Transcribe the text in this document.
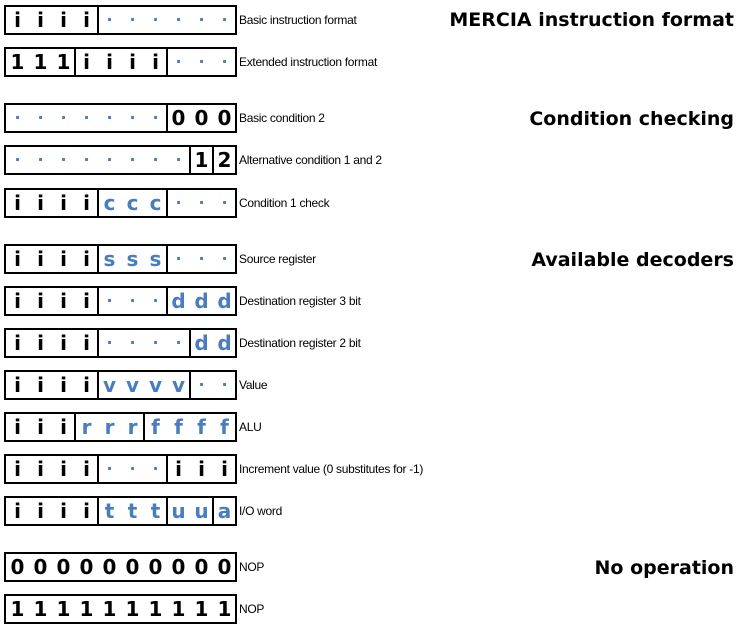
MERCIA instruction format
Condition checking
Available decoders
No operation
i i i i	·	·	·	·	·	· Basic instruction format
1 1 1 i i i i	·	·	· Extended instruction format
·	·	·	·	·	·	· 0 0 0 Basic condition 2
·	·	·	·	·	·	·	· 1 2 Alternative condition 1 and 2
i i i i c c c ·	·	· Condition 1 check
i i i i s s s ·	·	· Source register
i i i i	·	·	· d d d Destination register 3 bit
i i i i	·	·	·	· d d Destination register 2 bit
i i i i v v v v ·	· Value
i i i r r r f f f f ALU
i i i i	·	·	· i i i Increment value (0 substitutes for -1)
i i i i t t t u u a I/O word
0 0 0 0 0 0 0 0 0 0 NOP
1 1 1 1 1 1 1 1 1 1 NOP
